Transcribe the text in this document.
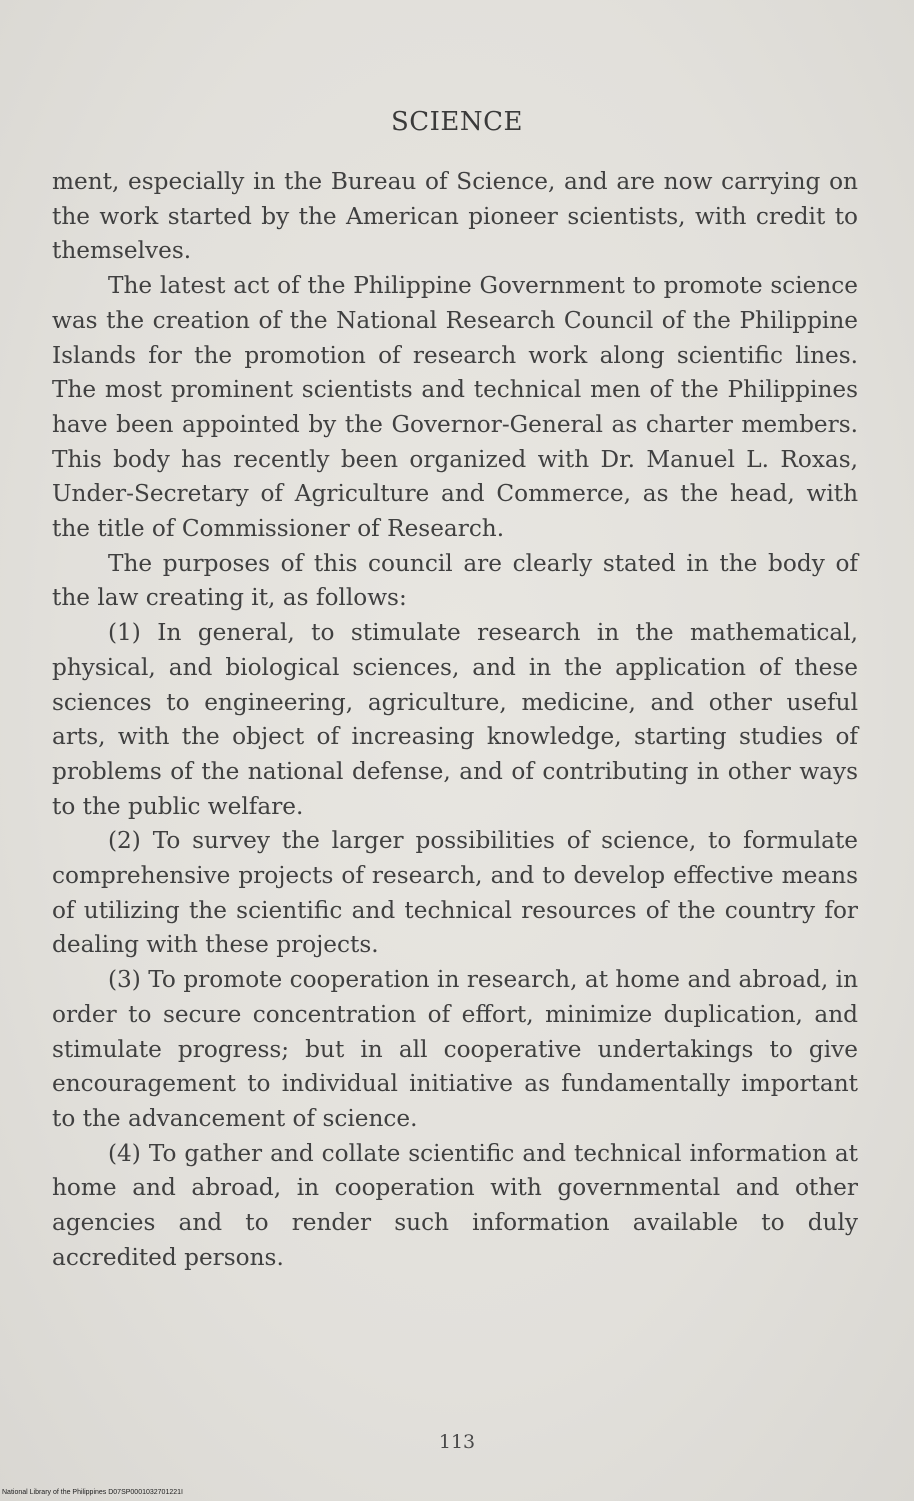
SCIENCE

ment, especially in the Bureau of Science, and are now carrying on the work started by the American pioneer scientists, with credit to themselves.

The latest act of the Philippine Government to promote science was the creation of the National Research Council of the Philippine Islands for the promotion of research work along scientific lines. The most prominent scientists and technical men of the Philippines have been appointed by the Governor-General as charter members. This body has recently been organized with Dr. Manuel L. Roxas, Under-Secretary of Agriculture and Commerce, as the head, with the title of Commissioner of Research.

The purposes of this council are clearly stated in the body of the law creating it, as follows:

(1) In general, to stimulate research in the mathematical, physical, and biological sciences, and in the application of these sciences to engineering, agriculture, medicine, and other useful arts, with the object of increasing knowledge, starting studies of problems of the national defense, and of contributing in other ways to the public welfare.

(2) To survey the larger possibilities of science, to formulate comprehensive projects of research, and to develop effective means of utilizing the scientific and technical resources of the country for dealing with these projects.

(3) To promote cooperation in research, at home and abroad, in order to secure concentration of effort, minimize duplication, and stimulate progress; but in all cooperative undertakings to give encouragement to individual initiative as fundamentally important to the advancement of science.

(4) To gather and collate scientific and technical information at home and abroad, in cooperation with governmental and other agencies and to render such information available to duly accredited persons.

113
National Library of the Philippines D07SP0001032701221I
